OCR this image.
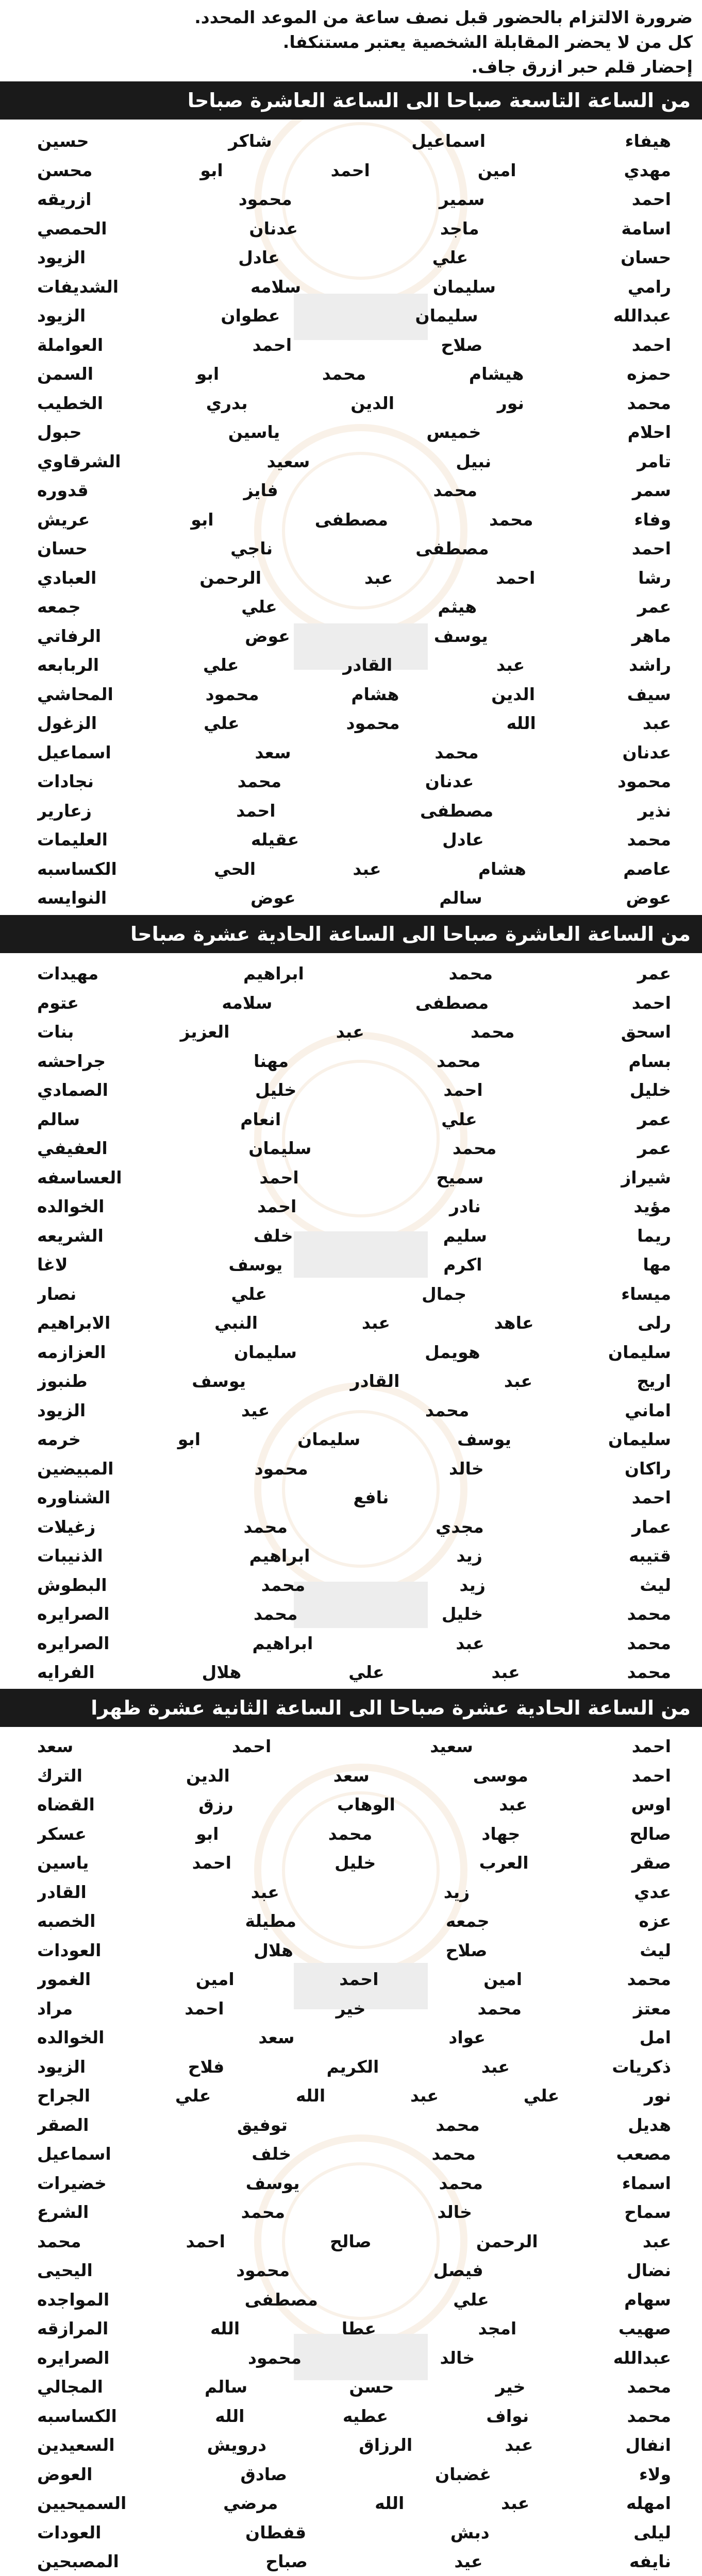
ضرورة الالتزام بالحضور قبل نصف ساعة من الموعد المحدد.
كل من لا يحضر المقابلة الشخصية يعتبر مستنكفا.
إحضار قلم حبر ازرق جاف.
من الساعة التاسعة صباحا الى الساعة العاشرة صباحا
هيفاء اسماعيل شاكر حسين
مهدي امين احمد ابو محسن
احمد سمير محمود ازريقه
اسامة ماجد عدنان الحمصي
حسان علي عادل الزيود
رامي سليمان سلامه الشديفات
عبدالله سليمان عطوان الزيود
احمد صلاح احمد العواملة
حمزه هيشام محمد ابو السمن
محمد نور الدين بدري الخطيب
احلام خميس ياسين حبول
تامر نبيل سعيد الشرقاوي
سمر محمد فايز قدوره
وفاء محمد مصطفى ابو عريش
احمد مصطفى ناجي حسان
رشا احمد عبد الرحمن العبادي
عمر هيثم علي جمعه
ماهر يوسف عوض الرفاتي
راشد عبد القادر علي الربابعه
سيف الدين هشام محمود المحاشي
عبد الله محمود علي الزغول
عدنان محمد سعد اسماعيل
محمود عدنان محمد نجادات
نذير مصطفى احمد زعارير
محمد عادل عقيله العليمات
عاصم هشام عبد الحي الكساسبه
عوض سالم عوض النوايسه
من الساعة العاشرة صباحا الى الساعة الحادية عشرة صباحا
عمر محمد ابراهيم مهيدات
احمد مصطفى سلامه عتوم
اسحق محمد عبد العزيز بنات
بسام محمد مهنا جراحشه
خليل احمد خليل الصمادي
عمر علي انعام سالم
عمر محمد سليمان العفيفي
شيراز سميح احمد العساسفه
مؤيد نادر احمد الخوالده
ريما سليم خلف الشريعه
مها اكرم يوسف لاغا
ميساء جمال علي نصار
رلى عاهد عبد النبي الابراهيم
سليمان هويمل سليمان العزازمه
اريج عبد القادر يوسف طنبوز
اماني محمد عيد الزيود
سليمان يوسف سليمان ابو خرمه
راكان خالد محمود المبيضين
احمد نافع الشناوره
عمار مجدي محمد زغيلات
قتيبه زيد ابراهيم الذنيبات
ليث زيد محمد البطوش
محمد خليل محمد الصرايره
محمد عبد ابراهيم الصرايره
محمد عبد علي هلال الفرايه
من الساعة الحادية عشرة صباحا الى الساعة الثانية عشرة ظهرا
احمد سعيد احمد سعد
احمد موسى سعد الدين الترك
اوس عبد الوهاب رزق القضاه
صالح جهاد محمد ابو عسكر
صقر العرب خليل احمد ياسين
عدي زيد عبد القادر
عزه جمعه مطيلة الخصبه
ليث صلاح هلال العودات
محمد امين احمد امين الغمور
معتز محمد خير احمد مراد
امل عواد سعد الخوالده
ذكريات عبد الكريم فلاح الزيود
نور علي عبد الله علي الجراح
هديل محمد توفيق الصقر
مصعب محمد خلف اسماعيل
اسماء محمد يوسف خضيرات
سماح خالد محمد الشرع
عبد الرحمن صالح احمد محمد
نضال فيصل محمود اليحيى
سهام علي مصطفى المواجده
صهيب امجد عطا الله المرازقه
عبدالله خالد محمود الصرايره
محمد خير حسن سالم المجالي
محمد نواف عطيه الله الكساسبه
انفال عبد الرزاق درويش السعيدين
ولاء غضبان صادق العوض
امهله عبد الله مرضي السميحيين
ليلى دبش قفطان العودات
نايفه عيد صباح المصبحين
